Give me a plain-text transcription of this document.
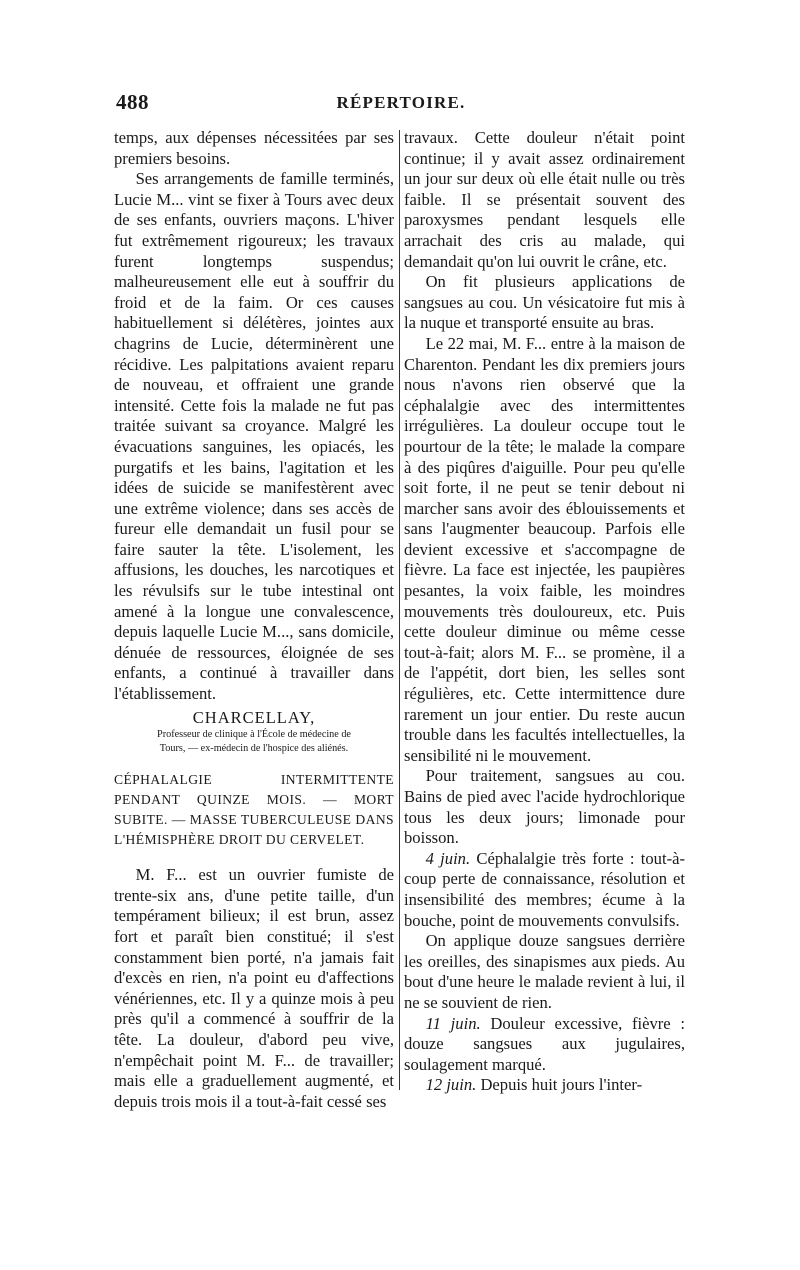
488	RÉPERTOIRE.

temps, aux dépenses nécessitées par ses premiers besoins.

Ses arrangements de famille terminés, Lucie M... vint se fixer à Tours avec deux de ses enfants, ouvriers maçons. L'hiver fut extrêmement rigoureux; les travaux furent longtemps suspendus; malheureusement elle eut à souffrir du froid et de la faim. Or ces causes habituellement si délétères, jointes aux chagrins de Lucie, déterminèrent une récidive. Les palpitations avaient reparu de nouveau, et offraient une grande intensité. Cette fois la malade ne fut pas traitée suivant sa croyance. Malgré les évacuations sanguines, les opiacés, les purgatifs et les bains, l'agitation et les idées de suicide se manifestèrent avec une extrême violence; dans ses accès de fureur elle demandait un fusil pour se faire sauter la tête. L'isolement, les affusions, les douches, les narcotiques et les révulsifs sur le tube intestinal ont amené à la longue une convalescence, depuis laquelle Lucie M..., sans domicile, dénuée de ressources, éloignée de ses enfants, a continué à travailler dans l'établissement.

CHARCELLAY,
Professeur de clinique à l'École de médecine de
Tours, — ex-médecin de l'hospice des aliénés.

CÉPHALALGIE INTERMITTENTE PENDANT QUINZE MOIS. — MORT SUBITE. — MASSE TUBERCULEUSE DANS L'HÉMISPHÈRE DROIT DU CERVELET.

M. F... est un ouvrier fumiste de trente-six ans, d'une petite taille, d'un tempérament bilieux; il est brun, assez fort et paraît bien constitué; il s'est constamment bien porté, n'a jamais fait d'excès en rien, n'a point eu d'affections vénériennes, etc. Il y a quinze mois à peu près qu'il a commencé à souffrir de la tête. La douleur, d'abord peu vive, n'empêchait point M. F... de travailler; mais elle a graduellement augmenté, et depuis trois mois il a tout-à-fait cessé ses

travaux. Cette douleur n'était point continue; il y avait assez ordinairement un jour sur deux où elle était nulle ou très faible. Il se présentait souvent des paroxysmes pendant lesquels elle arrachait des cris au malade, qui demandait qu'on lui ouvrit le crâne, etc.

On fit plusieurs applications de sangsues au cou. Un vésicatoire fut mis à la nuque et transporté ensuite au bras.

Le 22 mai, M. F... entre à la maison de Charenton. Pendant les dix premiers jours nous n'avons rien observé que la céphalalgie avec des intermittentes irrégulières. La douleur occupe tout le pourtour de la tête; le malade la compare à des piqûres d'aiguille. Pour peu qu'elle soit forte, il ne peut se tenir debout ni marcher sans avoir des éblouissements et sans l'augmenter beaucoup. Parfois elle devient excessive et s'accompagne de fièvre. La face est injectée, les paupières pesantes, la voix faible, les moindres mouvements très douloureux, etc. Puis cette douleur diminue ou même cesse tout-à-fait; alors M. F... se promène, il a de l'appétit, dort bien, les selles sont régulières, etc. Cette intermittence dure rarement un jour entier. Du reste aucun trouble dans les facultés intellectuelles, la sensibilité ni le mouvement.

Pour traitement, sangsues au cou. Bains de pied avec l'acide hydrochlorique tous les deux jours; limonade pour boisson.

4 juin. Céphalalgie très forte : tout-à-coup perte de connaissance, résolution et insensibilité des membres; écume à la bouche, point de mouvements convulsifs.

On applique douze sangsues derrière les oreilles, des sinapismes aux pieds. Au bout d'une heure le malade revient à lui, il ne se souvient de rien.

11 juin. Douleur excessive, fièvre : douze sangsues aux jugulaires, soulagement marqué.

12 juin. Depuis huit jours l'inter-
